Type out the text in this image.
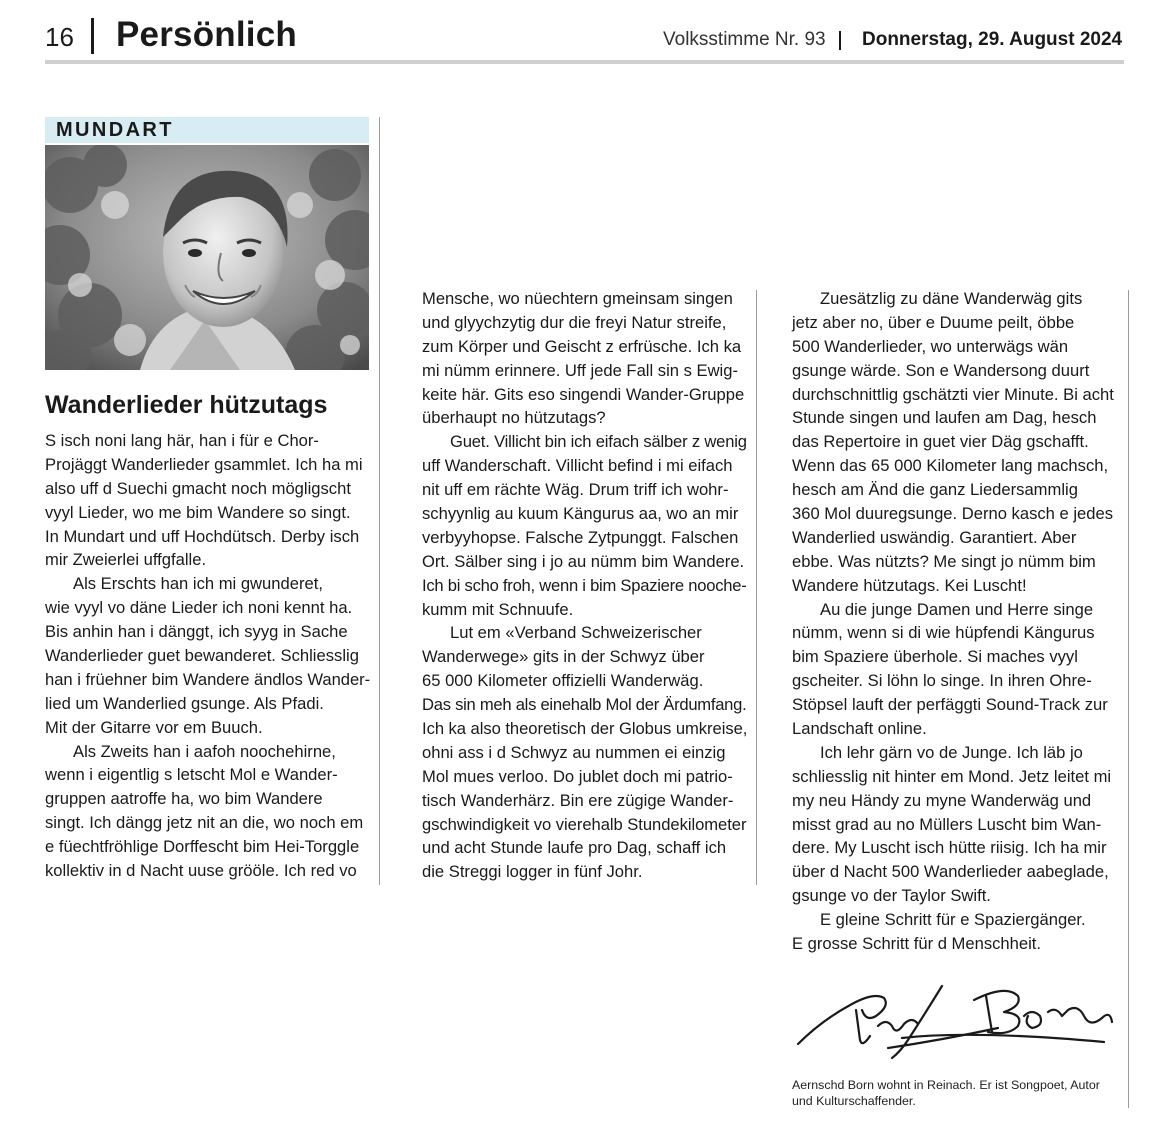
16 Persönlich	Volksstimme Nr. 93 Donnerstag, 29. August 2024
MUNDART
Wanderlieder hützutags
S isch noni lang här, han i für e Chor-
Projäggt Wanderlieder gsammlet. Ich ha mi
also uff d Suechi gmacht noch mögligscht
vyyl Lieder, wo me bim Wandere so singt.
In Mundart und uff Hochdütsch. Derby isch
mir Zweierlei uffgfalle.
Als Erschts han ich mi gwunderet,
wie vyyl vo däne Lieder ich noni kennt ha.
Bis anhin han i dänggt, ich syyg in Sache
Wanderlieder guet bewanderet. Schliesslig
han i früehner bim Wandere ändlos Wander-
lied um Wanderlied gsunge. Als Pfadi.
Mit der Gitarre vor em Buuch.
Als Zweits han i aafoh noochehirne,
wenn i eigentlig s letscht Mol e Wander-
gruppen aatroffe ha, wo bim Wandere
singt. Ich dängg jetz nit an die, wo noch em
e füechtfröhlige Dorffescht bim Hei-Torggle
kollektiv in d Nacht uuse grööle. Ich red vo
Mensche, wo nüechtern gmeinsam singen
und glyychzytig dur die freyi Natur streife,
zum Körper und Geischt z erfrüsche. Ich ka
mi nümm erinnere. Uff jede Fall sin s Ewig-
keite här. Gits eso singendi Wander-Gruppe
überhaupt no hützutags?
Guet. Villicht bin ich eifach sälber z wenig
uff Wanderschaft. Villicht befind i mi eifach
nit uff em rächte Wäg. Drum triff ich wohr-
schyynlig au kuum Kängurus aa, wo an mir
verbyyhopse. Falsche Zytpunggt. Falschen
Ort. Sälber sing i jo au nümm bim Wandere.
Ich bi scho froh, wenn i bim Spaziere nooche-
kumm mit Schnuufe.
Lut em «Verband Schweizerischer
Wanderwege» gits in der Schwyz über
65 000 Kilometer offizielli Wanderwäg.
Das sin meh als einehalb Mol der Ärdumfang.
Ich ka also theoretisch der Globus umkreise,
ohni ass i d Schwyz au nummen ei einzig
Mol mues verloo. Do jublet doch mi patrio-
tisch Wanderhärz. Bin ere zügige Wander-
gschwindigkeit vo vierehalb Stundekilometer
und acht Stunde laufe pro Dag, schaff ich
die Streggi logger in fünf Johr.
Zuesätzlig zu däne Wanderwäg gits
jetz aber no, über e Duume peilt, öbbe
500 Wanderlieder, wo unterwägs wän
gsunge wärde. Son e Wandersong duurt
durchschnittlig gschätzti vier Minute. Bi acht
Stunde singen und laufen am Dag, hesch
das Repertoire in guet vier Däg gschafft.
Wenn das 65 000 Kilometer lang machsch,
hesch am Änd die ganz Liedersammlig
360 Mol duuregsunge. Derno kasch e jedes
Wanderlied uswändig. Garantiert. Aber
ebbe. Was nützts? Me singt jo nümm bim
Wandere hützutags. Kei Luscht!
Au die junge Damen und Herre singe
nümm, wenn si di wie hüpfendi Kängurus
bim Spaziere überhole. Si maches vyyl
gscheiter. Si löhn lo singe. In ihren Ohre-
Stöpsel lauft der perfäggti Sound-Track zur
Landschaft online.
Ich lehr gärn vo de Junge. Ich läb jo
schliesslig nit hinter em Mond. Jetz leitet mi
my neu Händy zu myne Wanderwäg und
misst grad au no Müllers Luscht bim Wan-
dere. My Luscht isch hütte riisig. Ich ha mir
über d Nacht 500 Wanderlieder aabeglade,
gsunge vo der Taylor Swift.
E gleine Schritt für e Spaziergänger.
E grosse Schritt für d Menschheit.
Aernschd Born wohnt in Reinach. Er ist Songpoet, Autor und Kulturschaffender.
